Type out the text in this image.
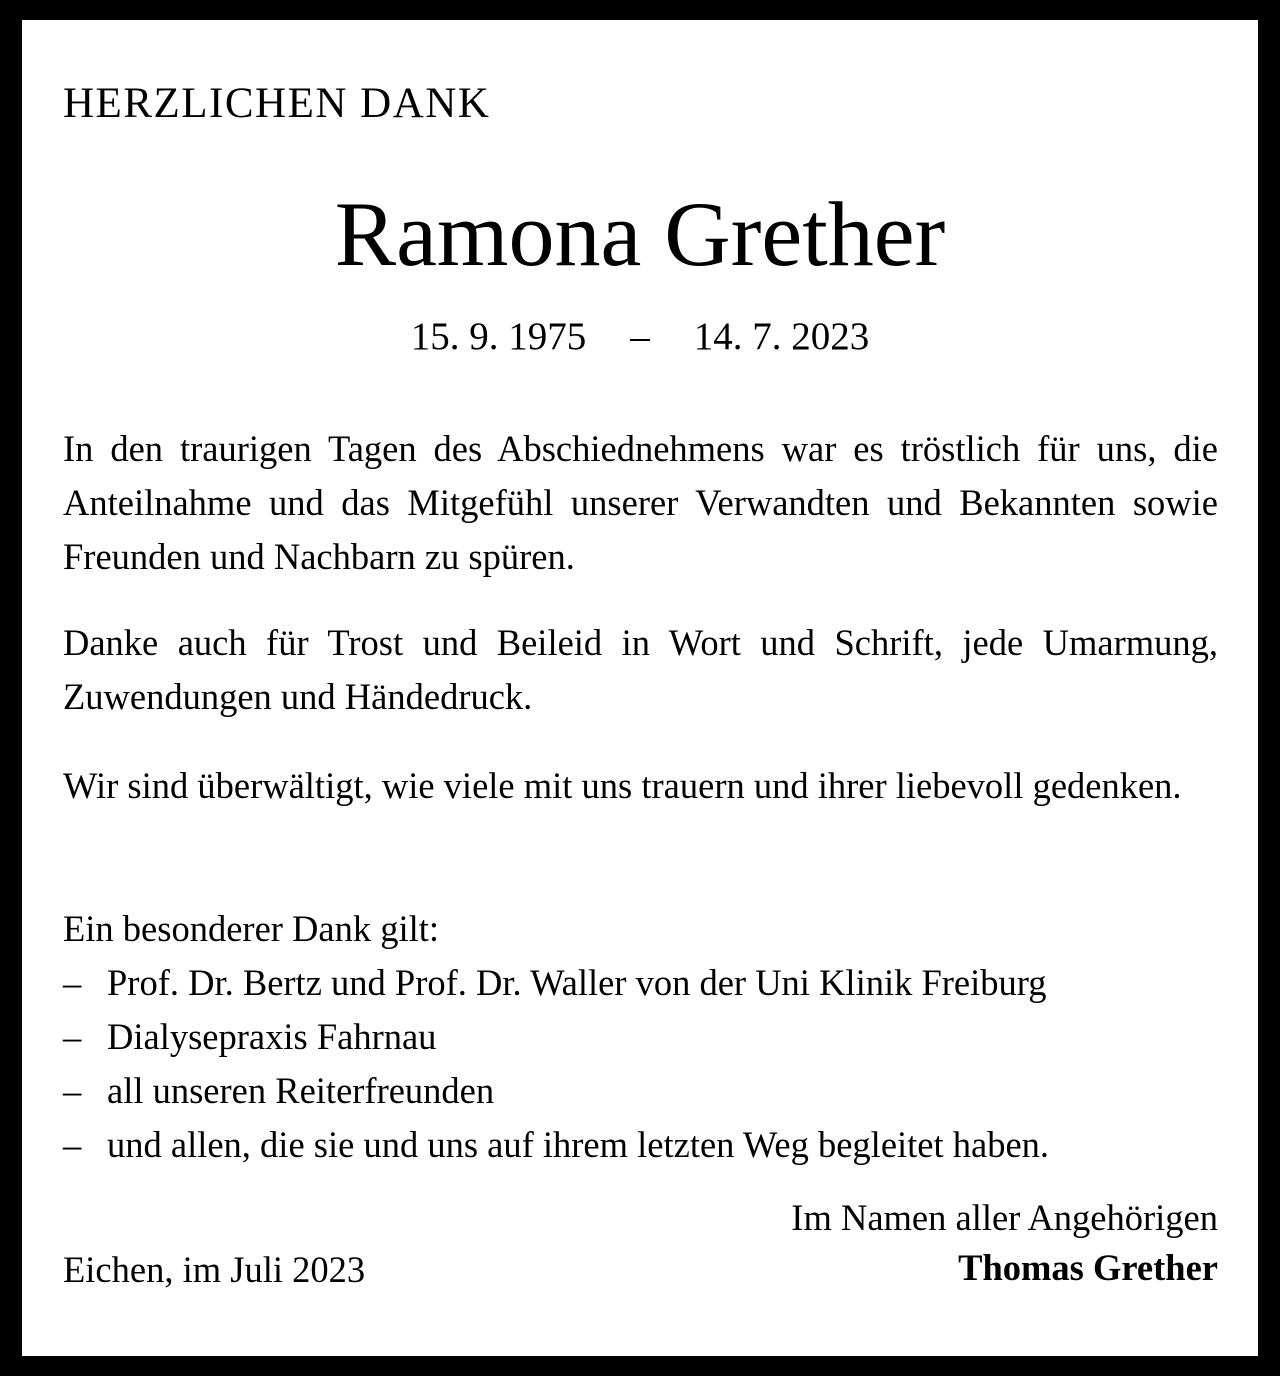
HERZLICHEN DANK
Ramona Grether
15. 9. 1975 – 14. 7. 2023
In den traurigen Tagen des Abschiednehmens war es tröstlich für uns, die Anteilnahme und das Mitgefühl unserer Verwandten und Bekannten sowie Freunden und Nachbarn zu spüren.
Danke auch für Trost und Beileid in Wort und Schrift, jede Umarmung, Zuwendungen und Händedruck.
Wir sind überwältigt, wie viele mit uns trauern und ihrer liebevoll gedenken.
Ein besonderer Dank gilt:
– Prof. Dr. Bertz und Prof. Dr. Waller von der Uni Klinik Freiburg
– Dialysepraxis Fahrnau
– all unseren Reiterfreunden
– und allen, die sie und uns auf ihrem letzten Weg begleitet haben.
Eichen, im Juli 2023
Im Namen aller Angehörigen
Thomas Grether
